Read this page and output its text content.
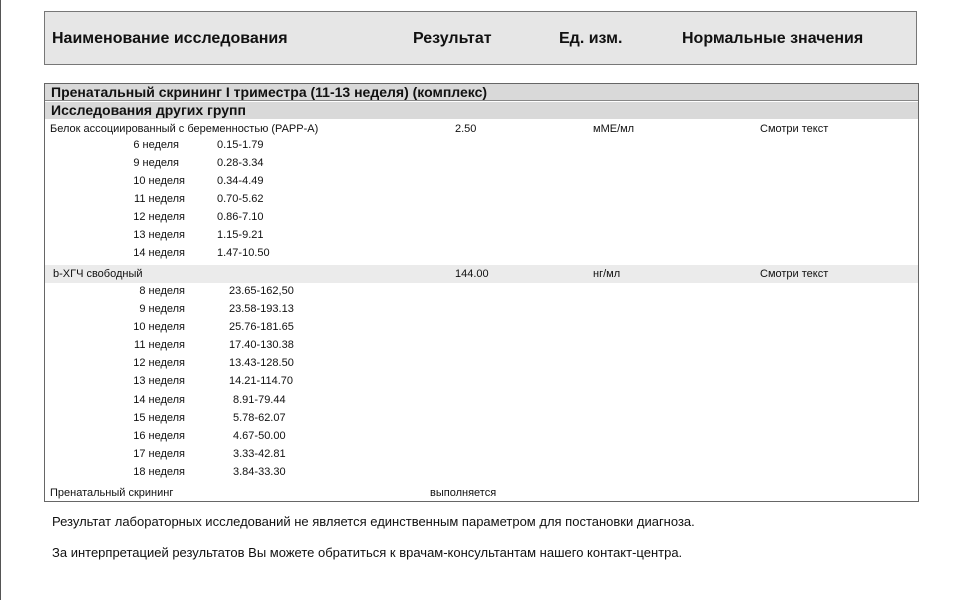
Наименование исследования	Результат	Ед. изм.	Нормальные значения
Пренатальный скрининг I триместра (11-13 неделя) (комплекс)
Исследования других групп
Белок ассоциированный с беременностью (PAPP-A)	2.50	мME/мл	Смотри текст
6 неделя	0.15-1.79
9 неделя	0.28-3.34
10 неделя	0.34-4.49
11 неделя	0.70-5.62
12 неделя	0.86-7.10
13 неделя	1.15-9.21
14 неделя	1.47-10.50
b-ХГЧ свободный	144.00	нг/мл	Смотри текст
8 неделя	23.65-162,50
9 неделя	23.58-193.13
10 неделя	25.76-181.65
11 неделя	17.40-130.38
12 неделя	13.43-128.50
13 неделя	14.21-114.70
14 неделя	8.91-79.44
15 неделя	5.78-62.07
16 неделя	4.67-50.00
17 неделя	3.33-42.81
18 неделя	3.84-33.30
Пренатальный скрининг	выполняется
Результат лабораторных исследований не является единственным параметром для постановки диагноза.
За интерпретацией результатов Вы можете обратиться к врачам-консультантам нашего контакт-центра.
